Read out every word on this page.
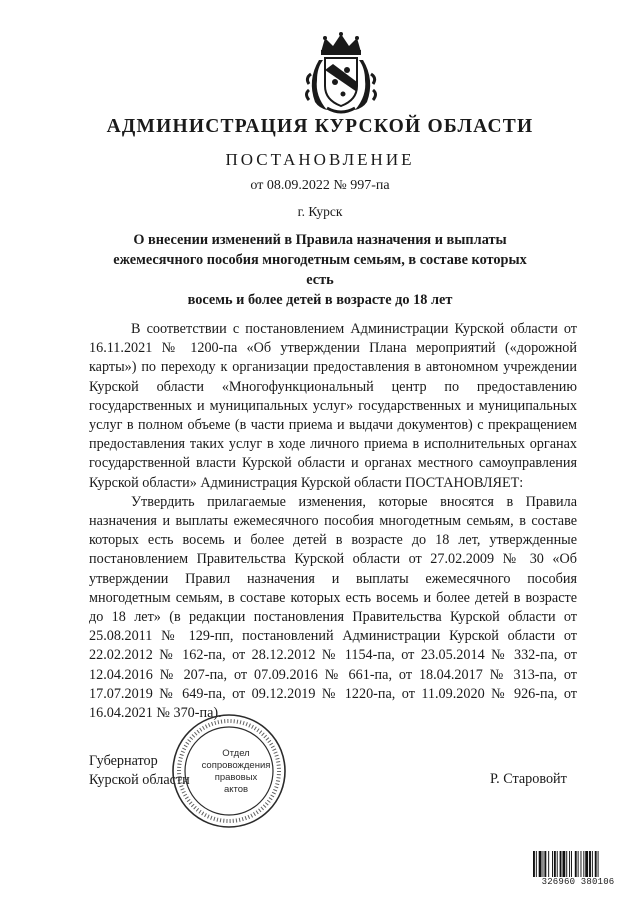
АДМИНИСТРАЦИЯ КУРСКОЙ ОБЛАСТИ
ПОСТАНОВЛЕНИЕ
от 08.09.2022 № 997-па
г. Курск
О внесении изменений в Правила назначения и выплаты
ежемесячного пособия многодетным семьям, в составе которых есть
восемь и более детей в возрасте до 18 лет

В соответствии с постановлением Администрации Курской области от 16.11.2021 № 1200-па «Об утверждении Плана мероприятий («дорожной карты») по переходу к организации предоставления в автономном учреждении Курской области «Многофункциональный центр по предоставлению государственных и муниципальных услуг» государственных и муниципальных услуг в полном объеме (в части приема и выдачи документов) с прекращением предоставления таких услуг в ходе личного приема в исполнительных органах государственной власти Курской области и органах местного самоуправления Курской области» Администрация Курской области ПОСТАНОВЛЯЕТ:

Утвердить прилагаемые изменения, которые вносятся в Правила назначения и выплаты ежемесячного пособия многодетным семьям, в составе которых есть восемь и более детей в возрасте до 18 лет, утвержденные постановлением Правительства Курской области от 27.02.2009 № 30 «Об утверждении Правил назначения и выплаты ежемесячного пособия многодетным семьям, в составе которых есть восемь и более детей в возрасте до 18 лет» (в редакции постановления Правительства Курской области от 25.08.2011 № 129-пп, постановлений Администрации Курской области от 22.02.2012 № 162-па, от 28.12.2012 № 1154-па, от 23.05.2014 № 332-па, от 12.04.2016 № 207-па, от 07.09.2016 № 661-па, от 18.04.2017 № 313-па, от 17.07.2019 № 649-па, от 09.12.2019 № 1220-па, от 11.09.2020 № 926-па, от 16.04.2021 № 370-па).

Губернатор
Курской области
Отдел
сопровождения
правовых
актов
Р. Старовойт
326960 380106
